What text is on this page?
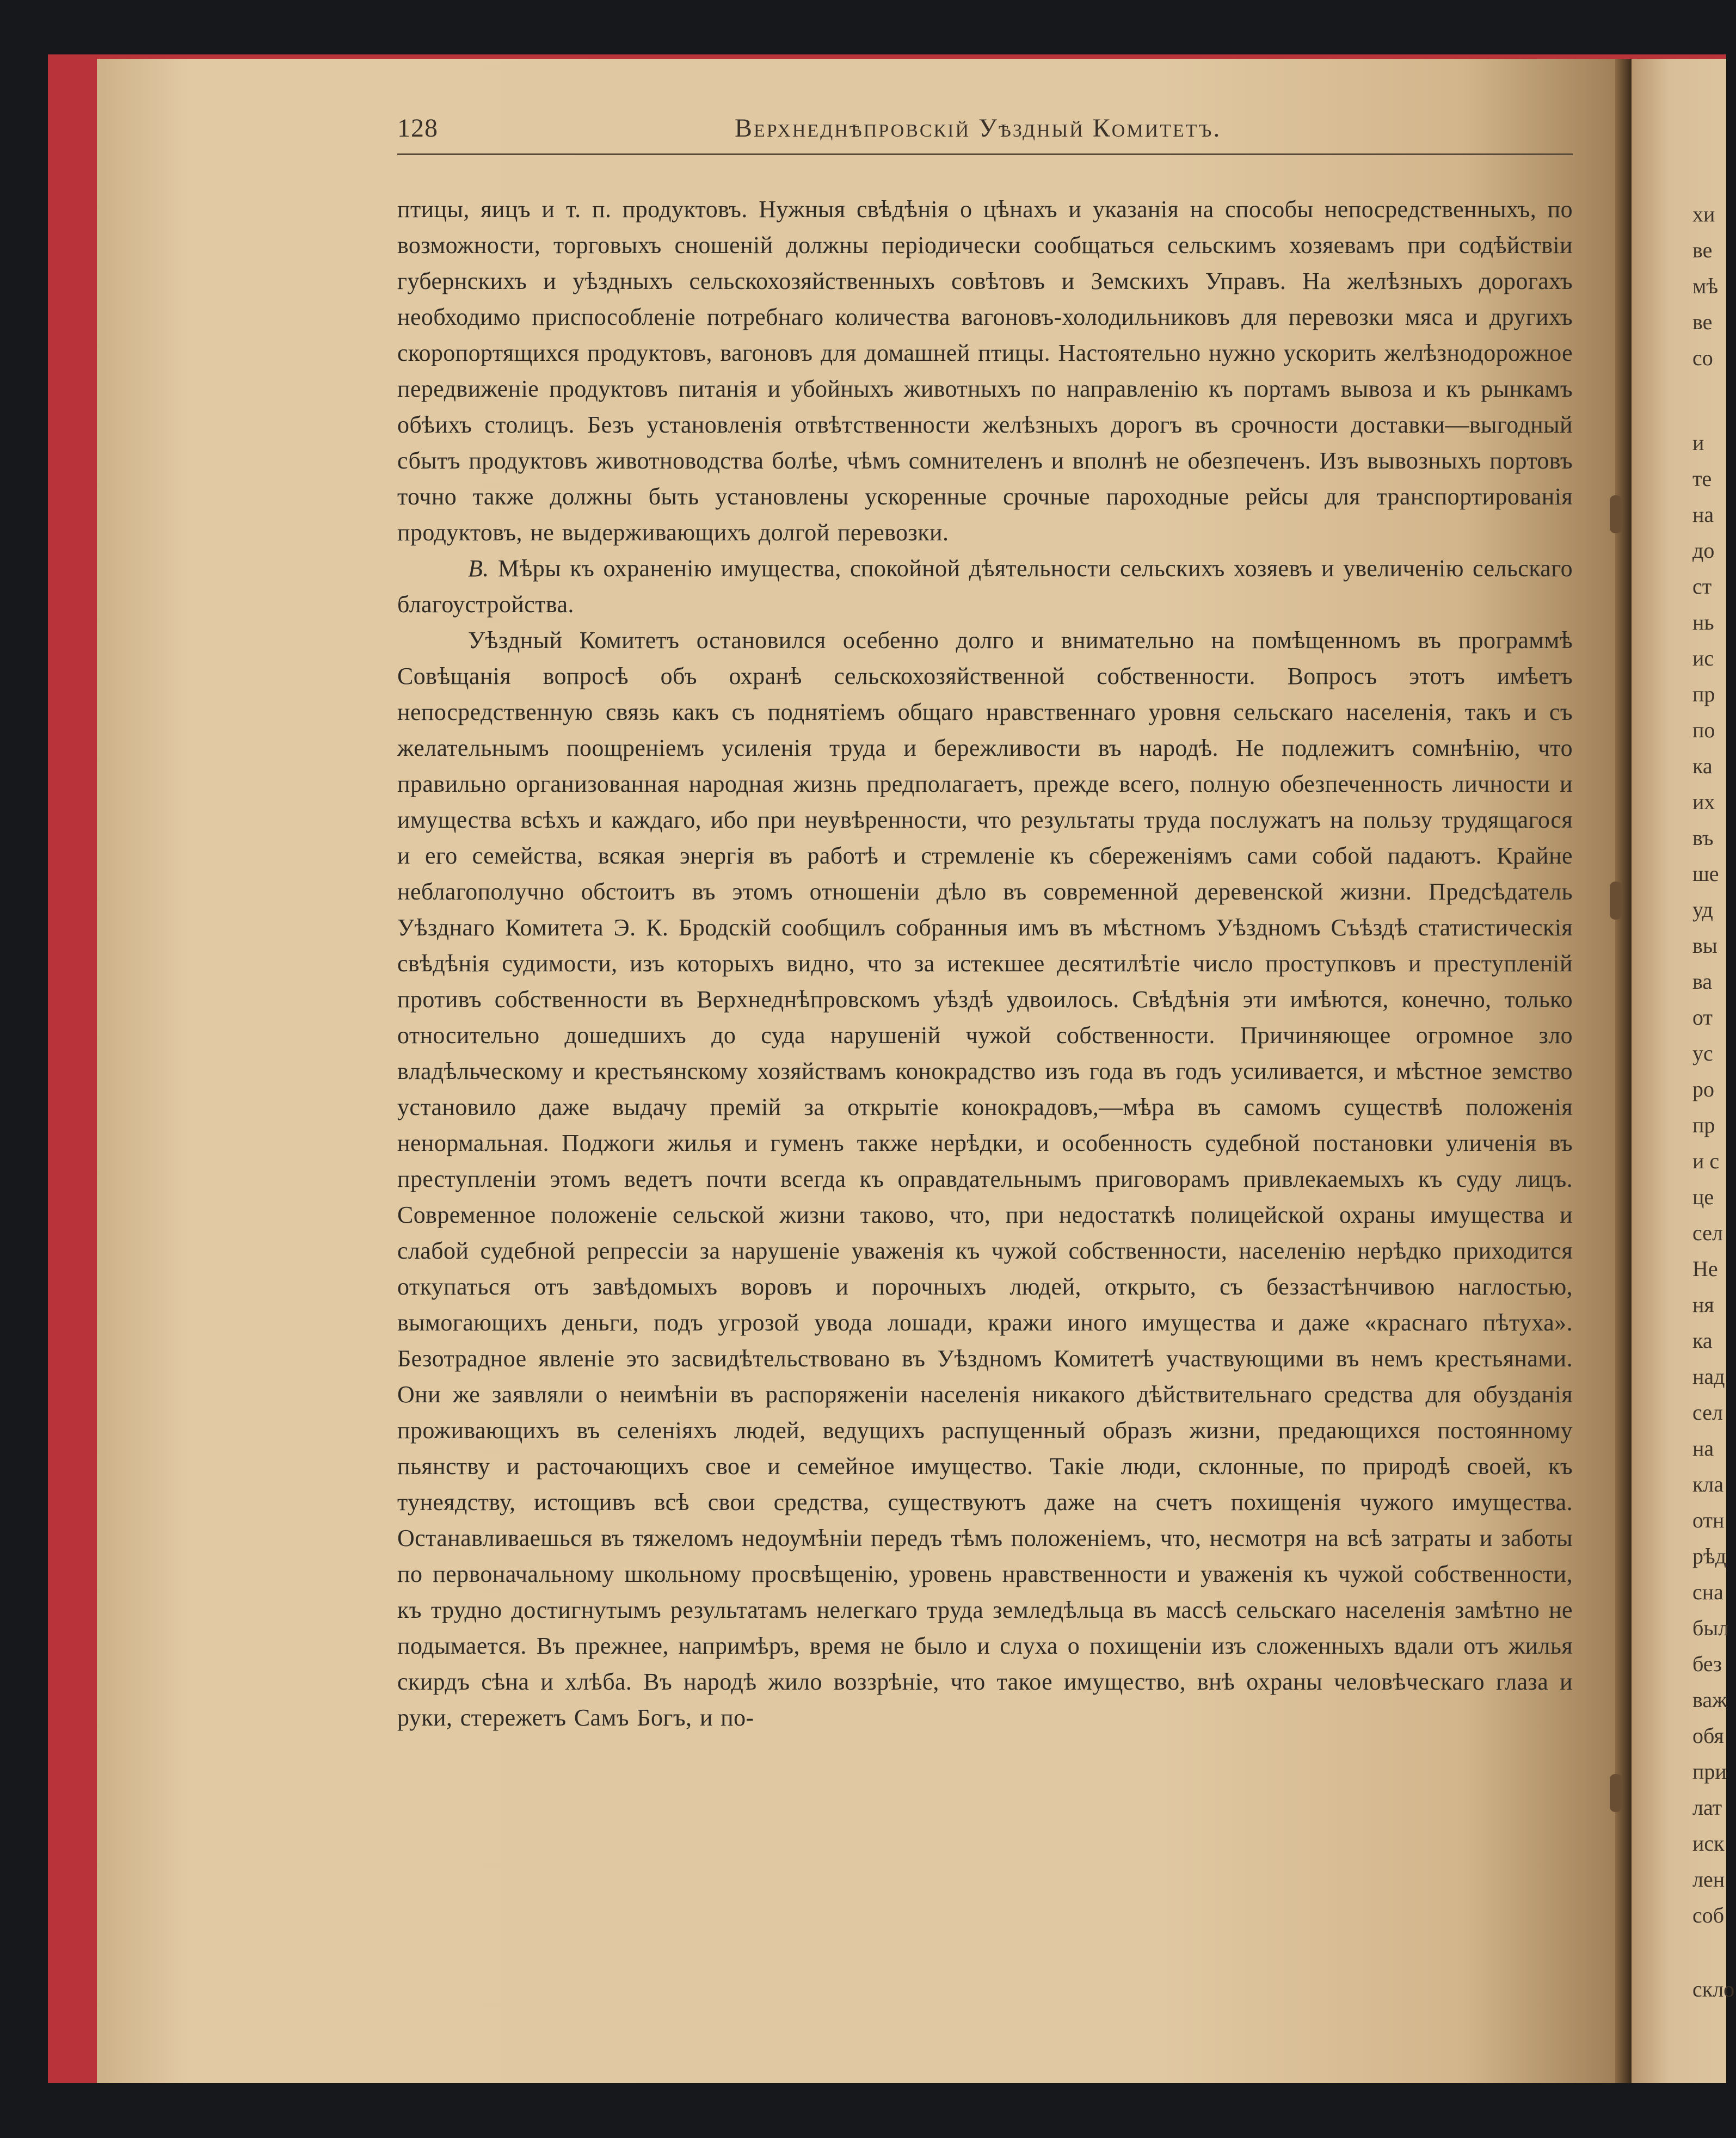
128	Верхнеднѣпровскій Уѣздный Комитетъ.

птицы, яицъ и т. п. продуктовъ. Нужныя свѣдѣнія о цѣнахъ и указанія на способы непосредственныхъ, по возможности, торговыхъ сношеній должны періодически сообщаться сельскимъ хозяевамъ при содѣйствіи губернскихъ и уѣздныхъ сельскохозяйственныхъ совѣтовъ и Земскихъ Управъ. На желѣзныхъ дорогахъ необходимо приспособленіе потребнаго количества вагоновъ-холодильниковъ для перевозки мяса и другихъ скоропортящихся продуктовъ, вагоновъ для домашней птицы. Настоятельно нужно ускорить желѣзнодорожное передвиженіе продуктовъ питанія и убойныхъ животныхъ по направленію къ портамъ вывоза и къ рынкамъ обѣихъ столицъ. Безъ установленія отвѣтственности желѣзныхъ дорогъ въ срочности доставки—выгодный сбытъ продуктовъ животноводства болѣе, чѣмъ сомнителенъ и вполнѣ не обезпеченъ. Изъ вывозныхъ портовъ точно также должны быть установлены ускоренные срочные пароходные рейсы для транспортированія продуктовъ, не выдерживающихъ долгой перевозки.

В. Мѣры къ охраненію имущества, спокойной дѣятельности сельскихъ хозяевъ и увеличенію сельскаго благоустройства.

Уѣздный Комитетъ остановился осебенно долго и внимательно на помѣщенномъ въ программѣ Совѣщанія вопросѣ объ охранѣ сельскохозяйственной собственности. Вопросъ этотъ имѣетъ непосредственную связь какъ съ поднятіемъ общаго нравственнаго уровня сельскаго населенія, такъ и съ желательнымъ поощреніемъ усиленія труда и бережливости въ народѣ. Не подлежитъ сомнѣнію, что правильно организованная народная жизнь предполагаетъ, прежде всего, полную обезпеченность личности и имущества всѣхъ и каждаго, ибо при неувѣренности, что результаты труда послужатъ на пользу трудящагося и его семейства, всякая энергія въ работѣ и стремленіе къ сбереженіямъ сами собой падаютъ. Крайне неблагополучно обстоитъ въ этомъ отношеніи дѣло въ современной деревенской жизни. Предсѣдатель Уѣзднаго Комитета Э. К. Бродскій сообщилъ собранныя имъ въ мѣстномъ Уѣздномъ Съѣздѣ статистическія свѣдѣнія судимости, изъ которыхъ видно, что за истекшее десятилѣтіе число проступковъ и преступленій противъ собственности въ Верхнеднѣпровскомъ уѣздѣ удвоилось. Свѣдѣнія эти имѣются, конечно, только относительно дошедшихъ до суда нарушеній чужой собственности. Причиняющее огромное зло владѣльческому и крестьянскому хозяйствамъ конокрадство изъ года въ годъ усиливается, и мѣстное земство установило даже выдачу премій за открытіе конокрадовъ,—мѣра въ самомъ существѣ положенія ненормальная. Поджоги жилья и гуменъ также нерѣдки, и особенность судебной постановки уличенія въ преступленіи этомъ ведетъ почти всегда къ оправдательнымъ приговорамъ привлекаемыхъ къ суду лицъ. Современное положеніе сельской жизни таково, что, при недостаткѣ полицейской охраны имущества и слабой судебной репрессіи за нарушеніе уваженія къ чужой собственности, населенію нерѣдко приходится откупаться отъ завѣдомыхъ воровъ и порочныхъ людей, открыто, съ беззастѣнчивою наглостью, вымогающихъ деньги, подъ угрозой увода лошади, кражи иного имущества и даже «краснаго пѣтуха». Безотрадное явленіе это засвидѣтельствовано въ Уѣздномъ Комитетѣ участвующими въ немъ крестьянами. Они же заявляли о неимѣніи въ распоряженіи населенія никакого дѣйствительнаго средства для обузданія проживающихъ въ селеніяхъ людей, ведущихъ распущенный образъ жизни, предающихся постоянному пьянству и расточающихъ свое и семейное имущество. Такіе люди, склонные, по природѣ своей, къ тунеядству, истощивъ всѣ свои средства, существуютъ даже на счетъ похищенія чужого имущества. Останавливаешься въ тяжеломъ недоумѣніи передъ тѣмъ положеніемъ, что, несмотря на всѣ затраты и заботы по первоначальному школьному просвѣщенію, уровень нравственности и уваженія къ чужой собственности, къ трудно достигнутымъ результатамъ нелегкаго труда земледѣльца въ массѣ сельскаго населенія замѣтно не подымается. Въ прежнее, напримѣръ, время не было и слуха о похищеніи изъ сложенныхъ вдали отъ жилья скирдъ сѣна и хлѣба. Въ народѣ жило воззрѣніе, что такое имущество, внѣ охраны человѣческаго глаза и руки, стережетъ Самъ Богъ, и по-

хи
ве
мѣ
ве
со
и
те
на
до
ст
нь
ис
пр
по
ка
их
въ
ше
уд
вы
ва
от
ус
ро
пр
и с
це
сел
Не
ня
ка
над
сел
на
кла
отн
рѣд
сна
был
без
важ
обя
при
лат
иск
лен
соб
скло
